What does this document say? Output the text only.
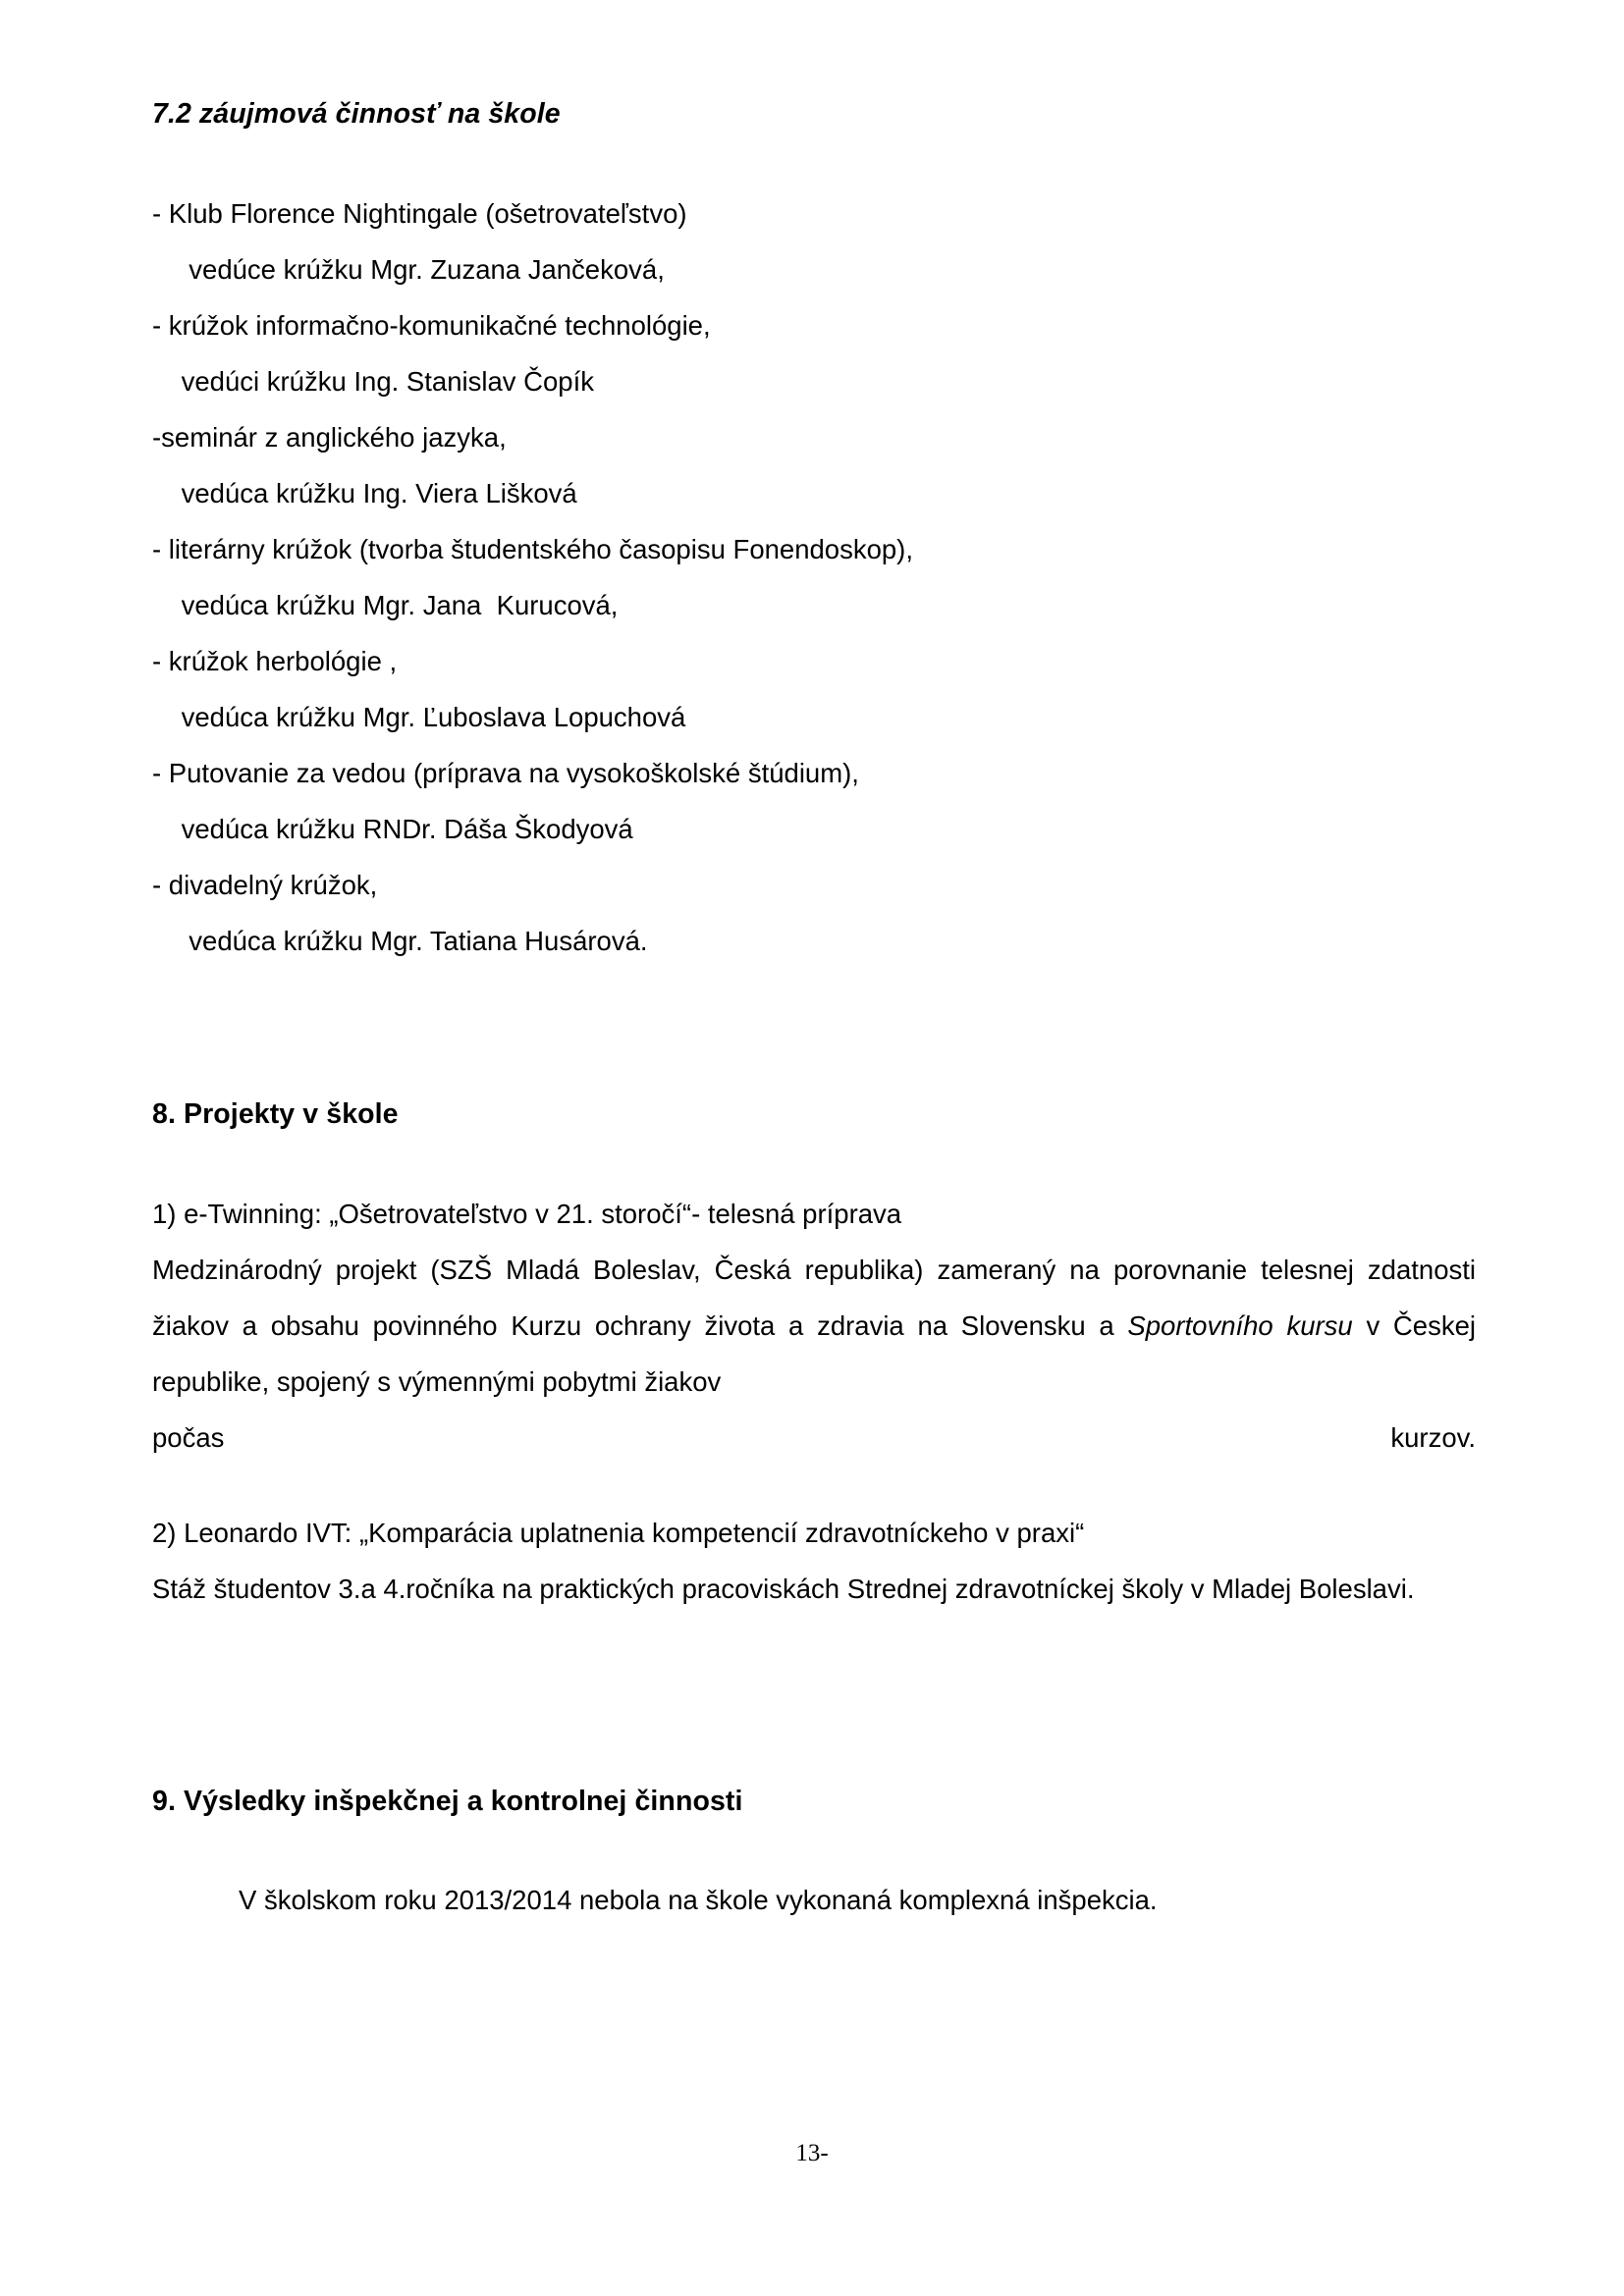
7.2 záujmová činnosť na škole
- Klub Florence Nightingale (ošetrovateľstvo)
vedúce krúžku Mgr. Zuzana Jančeková,
- krúžok informačno-komunikačné technológie,
vedúci krúžku Ing. Stanislav Čopík
-seminár z anglického jazyka,
vedúca krúžku Ing. Viera Lišková
- literárny krúžok (tvorba študentského časopisu Fonendoskop),
vedúca krúžku Mgr. Jana  Kurucová,
- krúžok herbológie ,
vedúca krúžku Mgr. Ľuboslava Lopuchová
- Putovanie za vedou (príprava na vysokoškolské štúdium),
vedúca krúžku RNDr. Dáša Škodyová
- divadelný krúžok,
vedúca krúžku Mgr. Tatiana Husárová.
8. Projekty v škole

1) e-Twinning: „Ošetrovateľstvo v 21. storočí“- telesná príprava

Medzinárodný projekt (SZŠ Mladá Boleslav, Česká republika) zameraný na porovnanie telesnej zdatnosti žiakov a obsahu povinného Kurzu ochrany života a zdravia na Slovensku a Sportovního kursu v Českej republike, spojený s výmennými pobytmi žiakov

počas	kurzov.

2) Leonardo IVT: „Komparácia uplatnenia kompetencií zdravotníckeho v praxi“

Stáž študentov 3.a 4.ročníka na praktických pracoviskách Strednej zdravotníckej školy v Mladej Boleslavi.

9. Výsledky inšpekčnej a kontrolnej činnosti

V školskom roku 2013/2014 nebola na škole vykonaná komplexná inšpekcia.

13-
